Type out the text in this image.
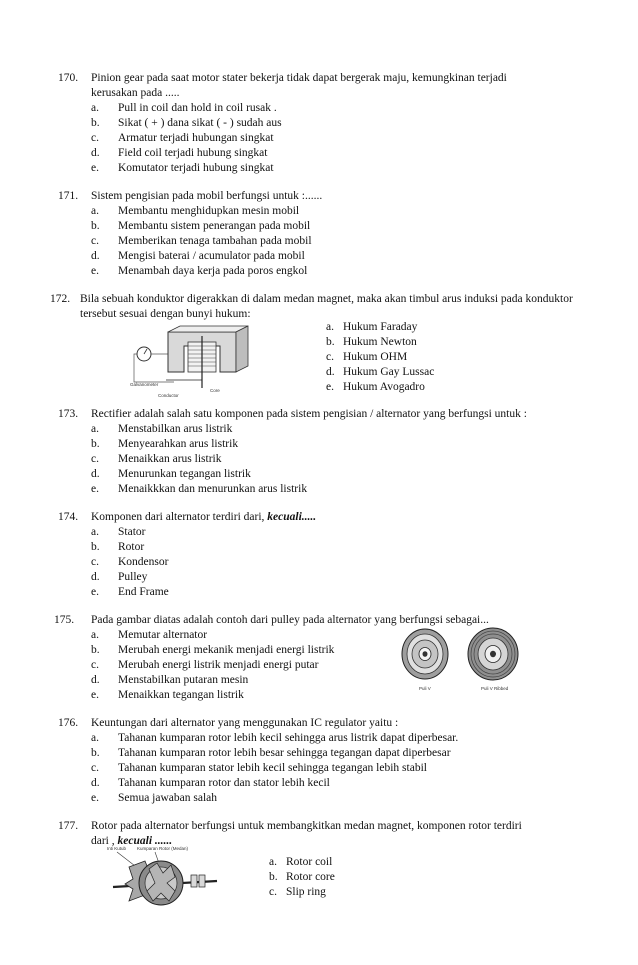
170. Pinion gear pada saat motor stater bekerja tidak dapat bergerak maju, kemungkinan terjadi
kerusakan pada .....
a. Pull in coil dan hold in coil rusak .
b. Sikat ( + ) dana sikat ( - ) sudah aus
c. Armatur terjadi hubungan singkat
d. Field coil terjadi hubung singkat
e. Komutator terjadi hubung singkat
171. Sistem pengisian pada mobil berfungsi untuk :......
a. Membantu menghidupkan mesin mobil
b. Membantu sistem penerangan pada mobil
c. Memberikan tenaga tambahan pada mobil
d. Mengisi baterai / acumulator pada mobil
e. Menambah daya kerja pada poros engkol
172. Bila sebuah konduktor digerakkan di dalam medan magnet, maka akan timbul arus induksi pada konduktor
tersebut sesuai dengan bunyi hukum:
Galvanometer
Conductor
Core
a. Hukum Faraday
b. Hukum Newton
c. Hukum OHM
d. Hukum Gay Lussac
e. Hukum Avogadro
173. Rectifier adalah salah satu komponen pada sistem pengisian / alternator yang berfungsi untuk :
a. Menstabilkan arus listrik
b. Menyearahkan arus listrik
c. Menaikkan arus listrik
d. Menurunkan tegangan listrik
e. Menaikkkan dan menurunkan arus listrik
174. Komponen dari alternator terdiri dari, kecuali.....
a. Stator
b. Rotor
c. Kondensor
d. Pulley
e. End Frame
175. Pada gambar diatas adalah contoh dari pulley pada alternator yang berfungsi sebagai...
a. Memutar alternator
b. Merubah energi mekanik menjadi energi listrik
c. Merubah energi listrik menjadi energi putar
d. Menstabilkan putaran mesin
e. Menaikkan tegangan listrik
Puli V	Puli V Ribbed
176. Keuntungan dari alternator yang menggunakan IC regulator yaitu :
a. Tahanan kumparan rotor lebih kecil sehingga arus listrik dapat diperbesar.
b. Tahanan kumparan rotor lebih besar sehingga tegangan dapat diperbesar
c. Tahanan kumparan stator lebih kecil sehingga tegangan lebih stabil
d. Tahanan kumparan rotor dan stator lebih kecil
e. Semua jawaban salah
177. Rotor pada alternator berfungsi untuk membangkitkan medan magnet, komponen rotor terdiri
dari , kecuali ......
Inti Kutub Kumparan Rotor (Medan)
a. Rotor coil
b. Rotor core
c. Slip ring
